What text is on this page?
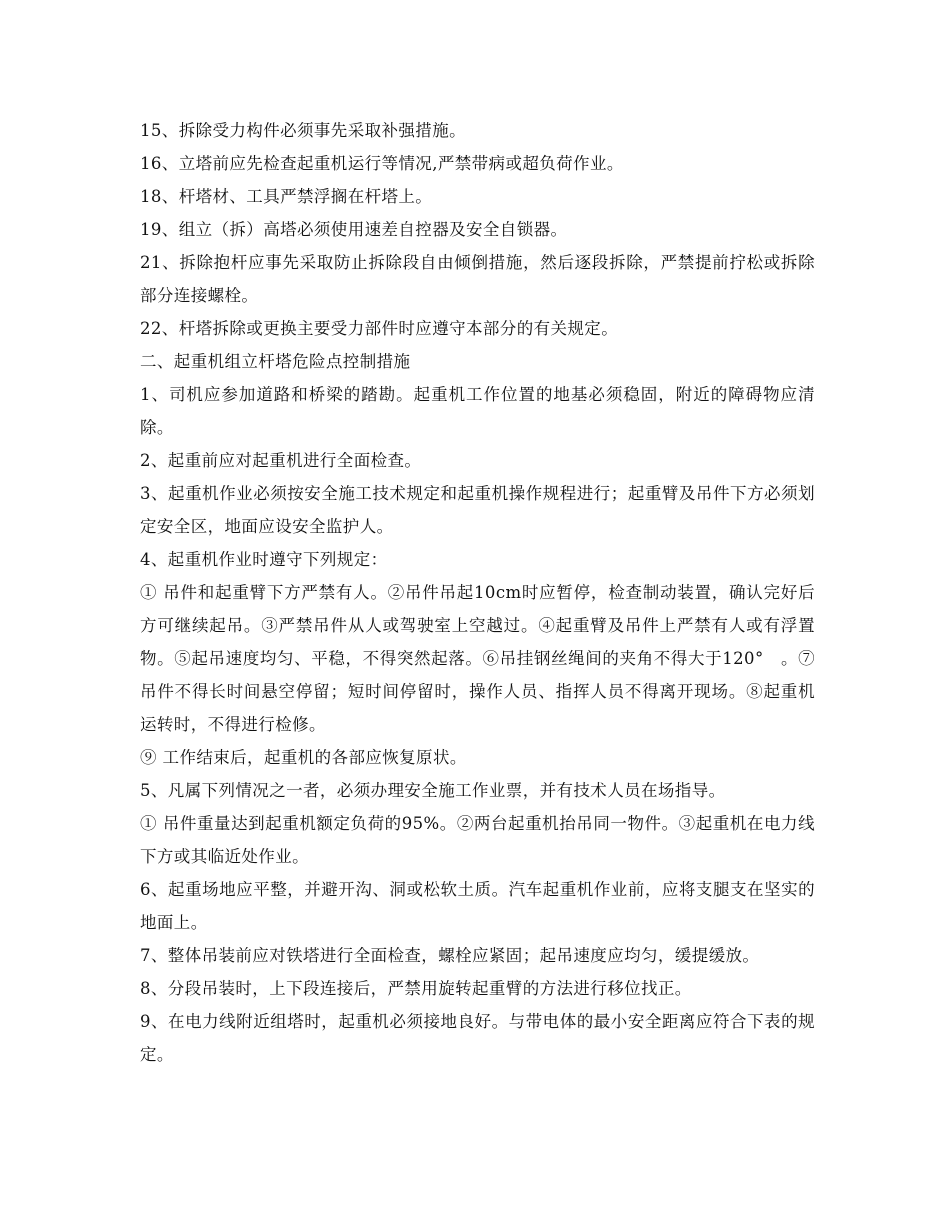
15、拆除受力构件必须事先采取补强措施。

16、立塔前应先检查起重机运行等情况,严禁带病或超负荷作业。

18、杆塔材、工具严禁浮搁在杆塔上。

19、组立（拆）高塔必须使用速差自控器及安全自锁器。

21、拆除抱杆应事先采取防止拆除段自由倾倒措施，然后逐段拆除，严禁提前拧松或拆除部分连接螺栓。

22、杆塔拆除或更换主要受力部件时应遵守本部分的有关规定。

二、起重机组立杆塔危险点控制措施

1、司机应参加道路和桥梁的踏勘。起重机工作位置的地基必须稳固，附近的障碍物应清除。

2、起重前应对起重机进行全面检查。

3、起重机作业必须按安全施工技术规定和起重机操作规程进行；起重臂及吊件下方必须划定安全区，地面应设安全监护人。

4、起重机作业时遵守下列规定：

① 吊件和起重臂下方严禁有人。②吊件吊起10cm时应暂停，检查制动装置，确认完好后方可继续起吊。③严禁吊件从人或驾驶室上空越过。④起重臂及吊件上严禁有人或有浮置物。⑤起吊速度均匀、平稳，不得突然起落。⑥吊挂钢丝绳间的夹角不得大于120°　。⑦吊件不得长时间悬空停留；短时间停留时，操作人员、指挥人员不得离开现场。⑧起重机运转时，不得进行检修。

⑨ 工作结束后，起重机的各部应恢复原状。

5、凡属下列情况之一者，必须办理安全施工作业票，并有技术人员在场指导。

① 吊件重量达到起重机额定负荷的95%。②两台起重机抬吊同一物件。③起重机在电力线下方或其临近处作业。

6、起重场地应平整，并避开沟、洞或松软土质。汽车起重机作业前，应将支腿支在坚实的地面上。

7、整体吊装前应对铁塔进行全面检查，螺栓应紧固；起吊速度应均匀，缓提缓放。

8、分段吊装时，上下段连接后，严禁用旋转起重臂的方法进行移位找正。

9、在电力线附近组塔时，起重机必须接地良好。与带电体的最小安全距离应符合下表的规定。
